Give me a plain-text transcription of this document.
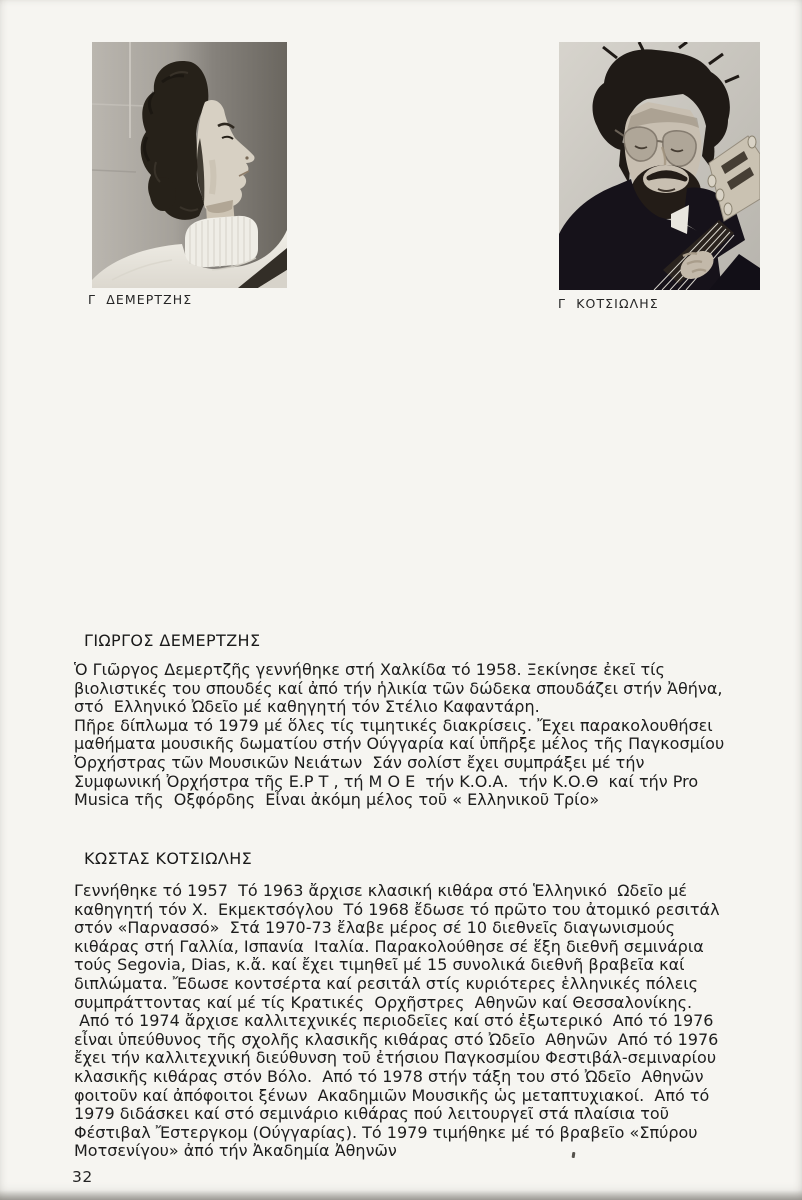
Γ  ΔΕΜΕΡΤΖΗΣ	Γ  ΚΟΤΣΙΩΛΗΣ
ΓΙΩΡΓΟΣ ΔΕΜΕΡΤΖΗΣ
Ὁ Γιῶργος Δεμερτζῆς γεννήθηκε στή Χαλκίδα τό 1958. Ξεκίνησε ἐκεῖ τίς
βιολιστικές του σπουδές καί ἀπό τήν ἡλικία τῶν δώδεκα σπουδάζει στήν Ἀθήνα,
στό  Ελληνικό Ὠδεῖο μέ καθηγητή τόν Στέλιο Καφαντάρη.
Πῆρε δίπλωμα τό 1979 μέ ὅλες τίς τιμητικές διακρίσεις. Ἔχει παρακολουθήσει
μαθήματα μουσικῆς δωματίου στήν Ούγγαρία καί ὑπῆρξε μέλος τῆς Παγκοσμίου
Ὀρχήστρας τῶν Μουσικῶν Νειάτων  Σάν σολίστ ἔχει συμπράξει μέ τήν
Συμφωνική Ὀρχήστρα τῆς Ε.Ρ Τ , τή Μ Ο Ε  τήν Κ.Ο.Α.  τήν Κ.Ο.Θ  καί τήν Pro
Musica τῆς  Οξφόρδης  Εἶναι ἀκόμη μέλος τοῦ « Ελληνικοῦ Τρίο»
ΚΩΣΤΑΣ ΚΟΤΣΙΩΛΗΣ
Γεννήθηκε τό 1957  Τό 1963 ἄρχισε κλασική κιθάρα στό Ἑλληνικό  Ωδεῖο μέ
καθηγητή τόν Χ.  Εκμεκτσόγλου  Τό 1968 ἔδωσε τό πρῶτο του ἀτομικό ρεσιτάλ
στόν «Παρνασσό»  Στά 1970-73 ἔλαβε μέρος σέ 10 διεθνεῖς διαγωνισμούς
κιθάρας στή Γαλλία, Ισπανία  Ιταλία. Παρακολούθησε σέ ἕξη διεθνῆ σεμινάρια
τούς Segovia, Dias, κ.ἄ. καί ἔχει τιμηθεῖ μέ 15 συνολικά διεθνῆ βραβεῖα καί
διπλώματα. Ἔδωσε κοντσέρτα καί ρεσιτάλ στίς κυριότερες ἑλληνικές πόλεις
συμπράττοντας καί μέ τίς Κρατικές  Ορχῆστρες  Αθηνῶν καί Θεσσαλονίκης.
Από τό 1974 ἄρχισε καλλιτεχνικές περιοδεῖες καί στό ἐξωτερικό  Από τό 1976
εἶναι ὑπεύθυνος τῆς σχολῆς κλασικῆς κιθάρας στό Ὠδεῖο  Αθηνῶν  Από τό 1976
ἔχει τήν καλλιτεχνική διεύθυνση τοῦ ἐτήσιου Παγκοσμίου Φεστιβάλ-σεμιναρίου
κλασικῆς κιθάρας στόν Βόλο.  Από τό 1978 στήν τάξη του στό Ὠδεῖο  Αθηνῶν
φοιτοῦν καί ἀπόφοιτοι ξένων  Ακαδημιῶν Μουσικῆς ὡς μεταπτυχιακοί.  Από τό
1979 διδάσκει καί στό σεμινάριο κιθάρας πού λειτουργεῖ στά πλαίσια τοῦ
Φέστιβαλ Ἔστεργκομ (Ούγγαρίας). Τό 1979 τιμήθηκε μέ τό βραβεῖο «Σπύρου
Μοτσενίγου» ἀπό τήν Ἀκαδημία Ἀθηνῶν
32
